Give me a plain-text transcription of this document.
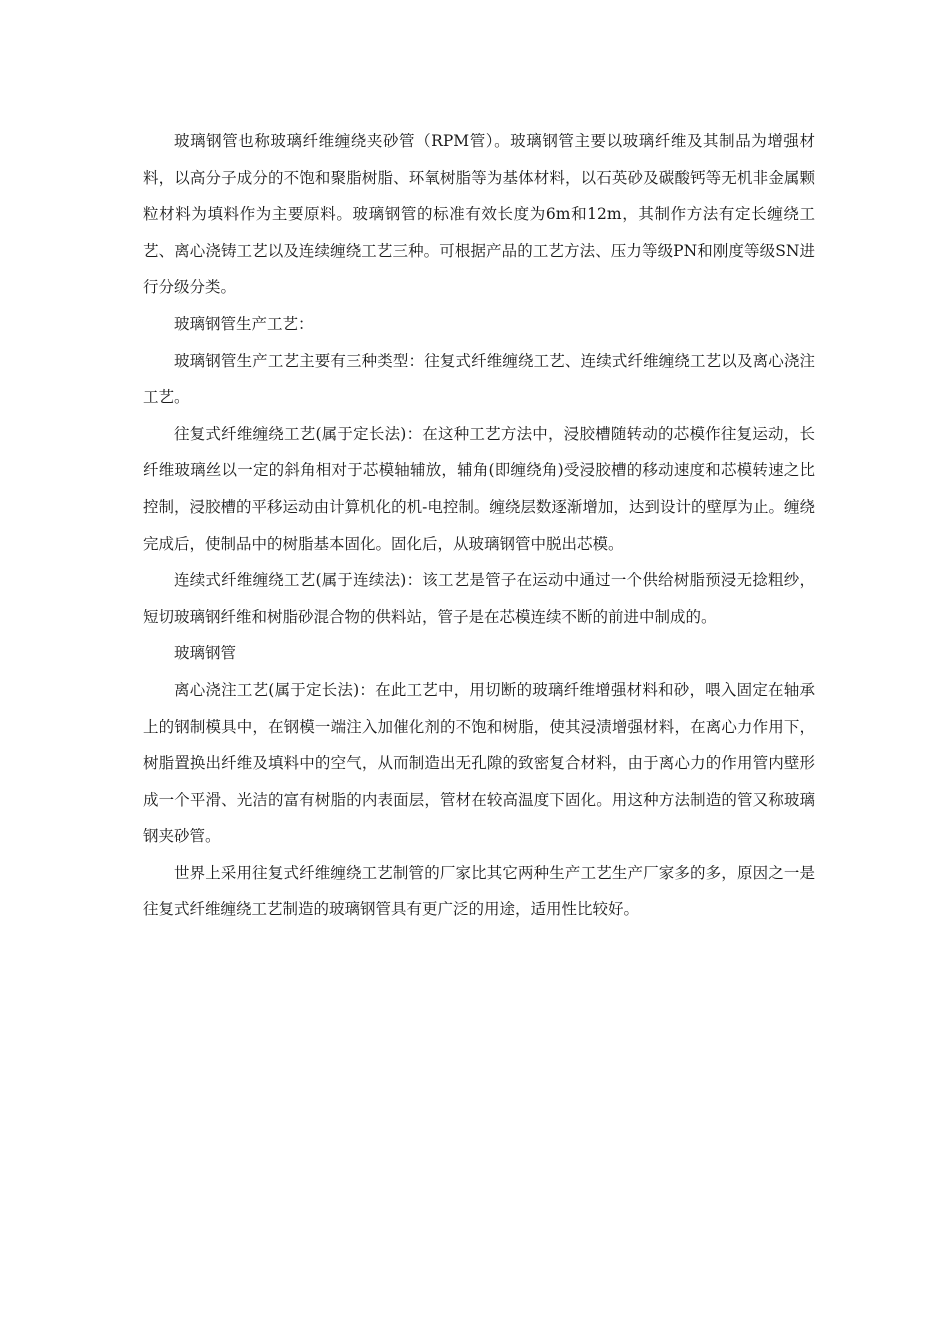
玻璃钢管也称玻璃纤维缠绕夹砂管（RPM管）。玻璃钢管主要以玻璃纤维及其制品为增强材料，以高分子成分的不饱和聚脂树脂、环氧树脂等为基体材料，以石英砂及碳酸钙等无机非金属颗粒材料为填料作为主要原料。玻璃钢管的标准有效长度为6m和12m，其制作方法有定长缠绕工艺、离心浇铸工艺以及连续缠绕工艺三种。可根据产品的工艺方法、压力等级PN和刚度等级SN进行分级分类。

玻璃钢管生产工艺：

玻璃钢管生产工艺主要有三种类型：往复式纤维缠绕工艺、连续式纤维缠绕工艺以及离心浇注工艺。

往复式纤维缠绕工艺(属于定长法)：在这种工艺方法中，浸胶槽随转动的芯模作往复运动，长纤维玻璃丝以一定的斜角相对于芯模轴辅放，辅角(即缠绕角)受浸胶槽的移动速度和芯模转速之比控制，浸胶槽的平移运动由计算机化的机-电控制。缠绕层数逐渐增加，达到设计的壁厚为止。缠绕完成后，使制品中的树脂基本固化。固化后，从玻璃钢管中脱出芯模。

连续式纤维缠绕工艺(属于连续法)：该工艺是管子在运动中通过一个供给树脂预浸无捻粗纱，短切玻璃钢纤维和树脂砂混合物的供料站，管子是在芯模连续不断的前进中制成的。

玻璃钢管

离心浇注工艺(属于定长法)：在此工艺中，用切断的玻璃纤维增强材料和砂，喂入固定在轴承上的钢制模具中，在钢模一端注入加催化剂的不饱和树脂，使其浸渍增强材料，在离心力作用下，树脂置换出纤维及填料中的空气，从而制造出无孔隙的致密复合材料，由于离心力的作用管内壁形成一个平滑、光洁的富有树脂的内表面层，管材在较高温度下固化。用这种方法制造的管又称玻璃钢夹砂管。

世界上采用往复式纤维缠绕工艺制管的厂家比其它两种生产工艺生产厂家多的多，原因之一是往复式纤维缠绕工艺制造的玻璃钢管具有更广泛的用途，适用性比较好。
